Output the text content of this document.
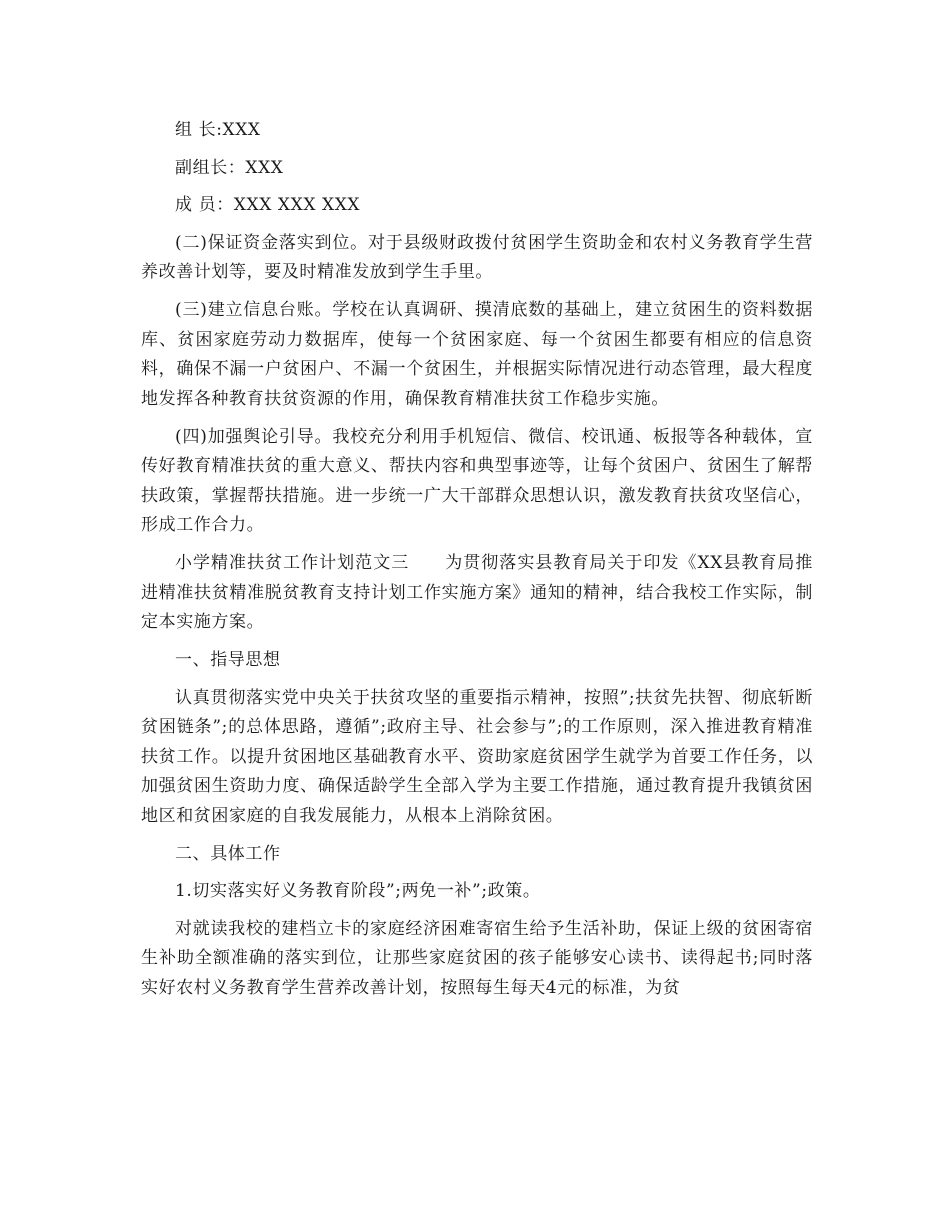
组 长:XXX

副组长：XXX

成 员：XXX XXX XXX

(二)保证资金落实到位。对于县级财政拨付贫困学生资助金和农村义务教育学生营养改善计划等，要及时精准发放到学生手里。

(三)建立信息台账。学校在认真调研、摸清底数的基础上，建立贫困生的资料数据库、贫困家庭劳动力数据库，使每一个贫困家庭、每一个贫困生都要有相应的信息资料，确保不漏一户贫困户、不漏一个贫困生，并根据实际情况进行动态管理，最大程度地发挥各种教育扶贫资源的作用，确保教育精准扶贫工作稳步实施。

(四)加强舆论引导。我校充分利用手机短信、微信、校讯通、板报等各种载体，宣传好教育精准扶贫的重大意义、帮扶内容和典型事迹等，让每个贫困户、贫困生了解帮扶政策，掌握帮扶措施。进一步统一广大干部群众思想认识，激发教育扶贫攻坚信心，形成工作合力。

小学精准扶贫工作计划范文三　　为贯彻落实县教育局关于印发《XX县教育局推进精准扶贫精准脱贫教育支持计划工作实施方案》通知的精神，结合我校工作实际，制定本实施方案。

一、指导思想

认真贯彻落实党中央关于扶贫攻坚的重要指示精神，按照”;扶贫先扶智、彻底斩断贫困链条”;的总体思路，遵循”;政府主导、社会参与”;的工作原则，深入推进教育精准扶贫工作。以提升贫困地区基础教育水平、资助家庭贫困学生就学为首要工作任务，以加强贫困生资助力度、确保适龄学生全部入学为主要工作措施，通过教育提升我镇贫困地区和贫困家庭的自我发展能力，从根本上消除贫困。

二、具体工作

1.切实落实好义务教育阶段”;两免一补”;政策。

对就读我校的建档立卡的家庭经济困难寄宿生给予生活补助，保证上级的贫困寄宿生补助全额准确的落实到位，让那些家庭贫困的孩子能够安心读书、读得起书;同时落实好农村义务教育学生营养改善计划，按照每生每天4元的标准，为贫
